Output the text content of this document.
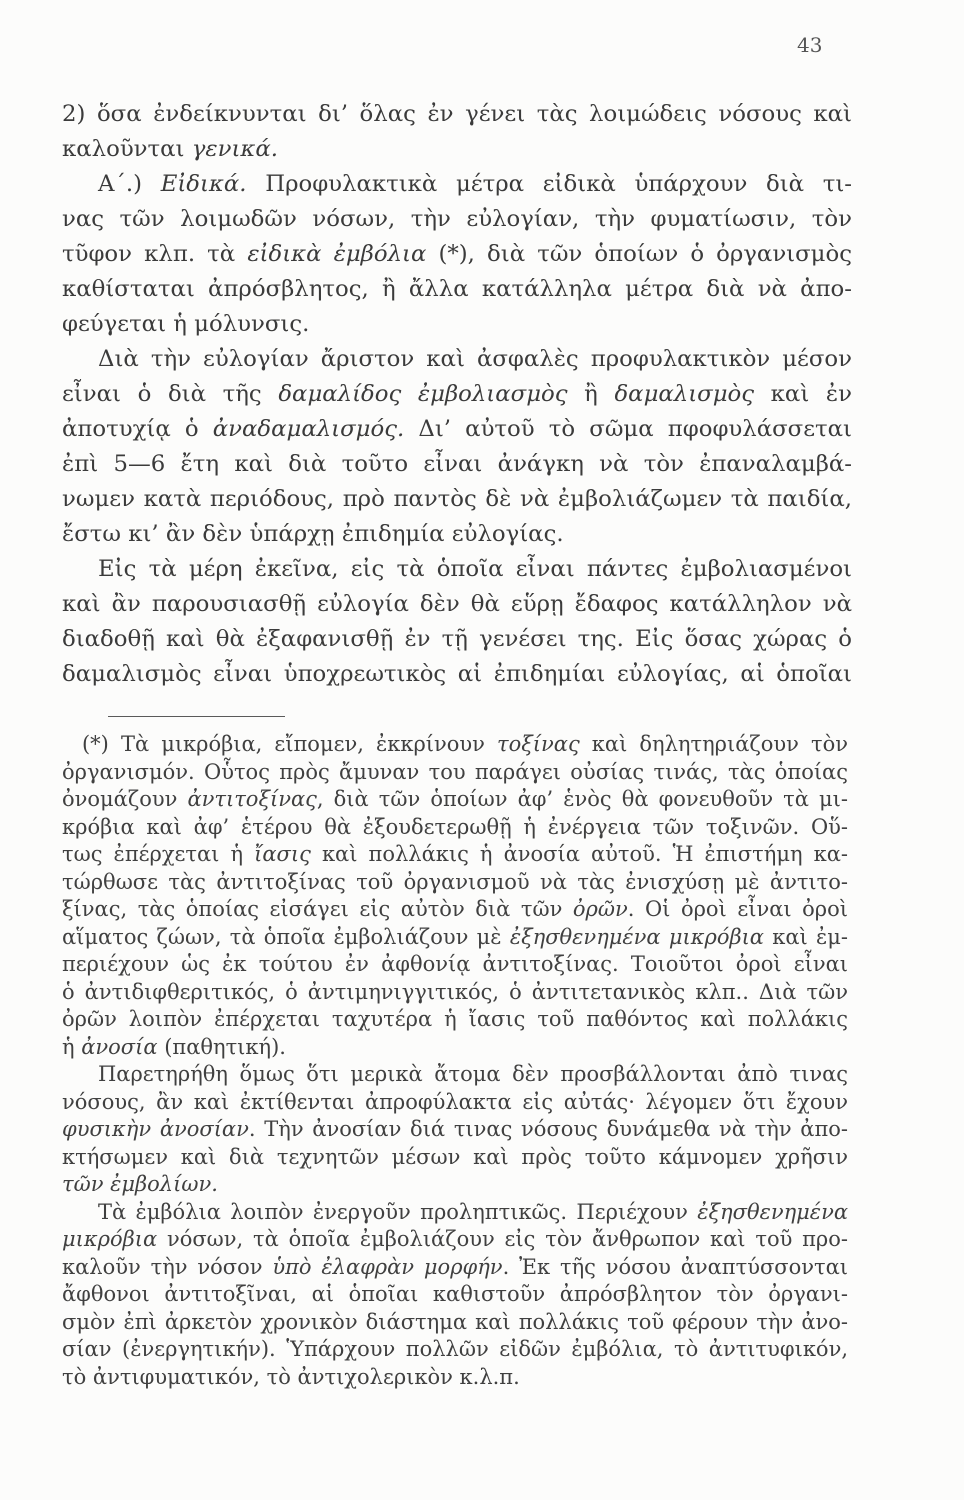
43
2) ὅσα ἐνδείκνυνται δι’ ὅλας ἐν γένει τὰς λοιμώδεις νόσους καὶ
καλοῦνται γενικά.
Α΄.) Εἰδικά. Προφυλακτικὰ μέτρα εἰδικὰ ὑπάρχουν διὰ τι-
νας τῶν λοιμωδῶν νόσων, τὴν εὐλογίαν, τὴν φυματίωσιν, τὸν
τῦφον κλπ. τὰ εἰδικὰ ἐμβόλια (*), διὰ τῶν ὁποίων ὁ ὀργανισμὸς
καθίσταται ἀπρόσβλητος, ἢ ἄλλα κατάλληλα μέτρα διὰ νὰ ἀπο-
φεύγεται ἡ μόλυνσις.
Διὰ τὴν εὐλογίαν ἄριστον καὶ ἀσφαλὲς προφυλακτικὸν μέσον
εἶναι ὁ διὰ τῆς δαμαλίδος ἐμβολιασμὸς ἢ δαμαλισμὸς καὶ ἐν
ἀποτυχίᾳ ὁ ἀναδαμαλισμός. Δι’ αὐτοῦ τὸ σῶμα πφοφυλάσσεται
ἐπὶ 5—6 ἔτη καὶ διὰ τοῦτο εἶναι ἀνάγκη νὰ τὸν ἐπαναλαμβά-
νωμεν κατὰ περιόδους, πρὸ παντὸς δὲ νὰ ἐμβολιάζωμεν τὰ παιδία,
ἔστω κι’ ἂν δὲν ὑπάρχῃ ἐπιδημία εὐλογίας.
Εἰς τὰ μέρη ἐκεῖνα, εἰς τὰ ὁποῖα εἶναι πάντες ἐμβολιασμένοι
καὶ ἂν παρουσιασθῇ εὐλογία δὲν θὰ εὕρῃ ἔδαφος κατάλληλον νὰ
διαδοθῇ καὶ θὰ ἐξαφανισθῇ ἐν τῇ γενέσει της. Εἰς ὅσας χώρας ὁ
δαμαλισμὸς εἶναι ὑποχρεωτικὸς αἱ ἐπιδημίαι εὐλογίας, αἱ ὁποῖαι
(*) Τὰ μικρόβια, εἴπομεν, ἐκκρίνουν τοξίνας καὶ δηλητηριάζουν τὸν
ὀργανισμόν. Οὗτος πρὸς ἄμυναν του παράγει οὐσίας τινάς, τὰς ὁποίας
ὀνομάζουν ἀντιτοξίνας, διὰ τῶν ὁποίων ἀφ’ ἑνὸς θὰ φονευθοῦν τὰ μι-
κρόβια καὶ ἀφ’ ἑτέρου θὰ ἐξουδετερωθῇ ἡ ἐνέργεια τῶν τοξινῶν. Οὕ-
τως ἐπέρχεται ἡ ἴασις καὶ πολλάκις ἡ ἀνοσία αὐτοῦ. Ἡ ἐπιστήμη κα-
τώρθωσε τὰς ἀντιτοξίνας τοῦ ὀργανισμοῦ νὰ τὰς ἐνισχύσῃ μὲ ἀντιτο-
ξίνας, τὰς ὁποίας εἰσάγει εἰς αὐτὸν διὰ τῶν ὀρῶν. Οἱ ὀροὶ εἶναι ὀροὶ
αἵματος ζώων, τὰ ὁποῖα ἐμβολιάζουν μὲ ἐξησθενημένα μικρόβια καὶ ἐμ-
περιέχουν ὡς ἐκ τούτου ἐν ἀφθονίᾳ ἀντιτοξίνας. Τοιοῦτοι ὀροὶ εἶναι
ὁ ἀντιδιφθεριτικός, ὁ ἀντιμηνιγγιτικός, ὁ ἀντιτετανικὸς κλπ.. Διὰ τῶν
ὀρῶν λοιπὸν ἐπέρχεται ταχυτέρα ἡ ἴασις τοῦ παθόντος καὶ πολλάκις
ἡ ἀνοσία (παθητική).
Παρετηρήθη ὅμως ὅτι μερικὰ ἄτομα δὲν προσβάλλονται ἀπὸ τινας
νόσους, ἂν καὶ ἐκτίθενται ἀπροφύλακτα εἰς αὐτάς· λέγομεν ὅτι ἔχουν
φυσικὴν ἀνοσίαν. Τὴν ἀνοσίαν διά τινας νόσους δυνάμεθα νὰ τὴν ἀπο-
κτήσωμεν καὶ διὰ τεχνητῶν μέσων καὶ πρὸς τοῦτο κάμνομεν χρῆσιν
τῶν ἐμβολίων.
Τὰ ἐμβόλια λοιπὸν ἐνεργοῦν προληπτικῶς. Περιέχουν ἐξησθενημένα
μικρόβια νόσων, τὰ ὁποῖα ἐμβολιάζουν εἰς τὸν ἄνθρωπον καὶ τοῦ προ-
καλοῦν τὴν νόσον ὑπὸ ἐλαφρὰν μορφήν. Ἐκ τῆς νόσου ἀναπτύσσονται
ἄφθονοι ἀντιτοξῖναι, αἱ ὁποῖαι καθιστοῦν ἀπρόσβλητον τὸν ὀργανι-
σμὸν ἐπὶ ἀρκετὸν χρονικὸν διάστημα καὶ πολλάκις τοῦ φέρουν τὴν ἀνο-
σίαν (ἐνεργητικήν). Ὑπάρχουν πολλῶν εἰδῶν ἐμβόλια, τὸ ἀντιτυφικόν,
τὸ ἀντιφυματικόν, τὸ ἀντιχολερικὸν κ.λ.π.
